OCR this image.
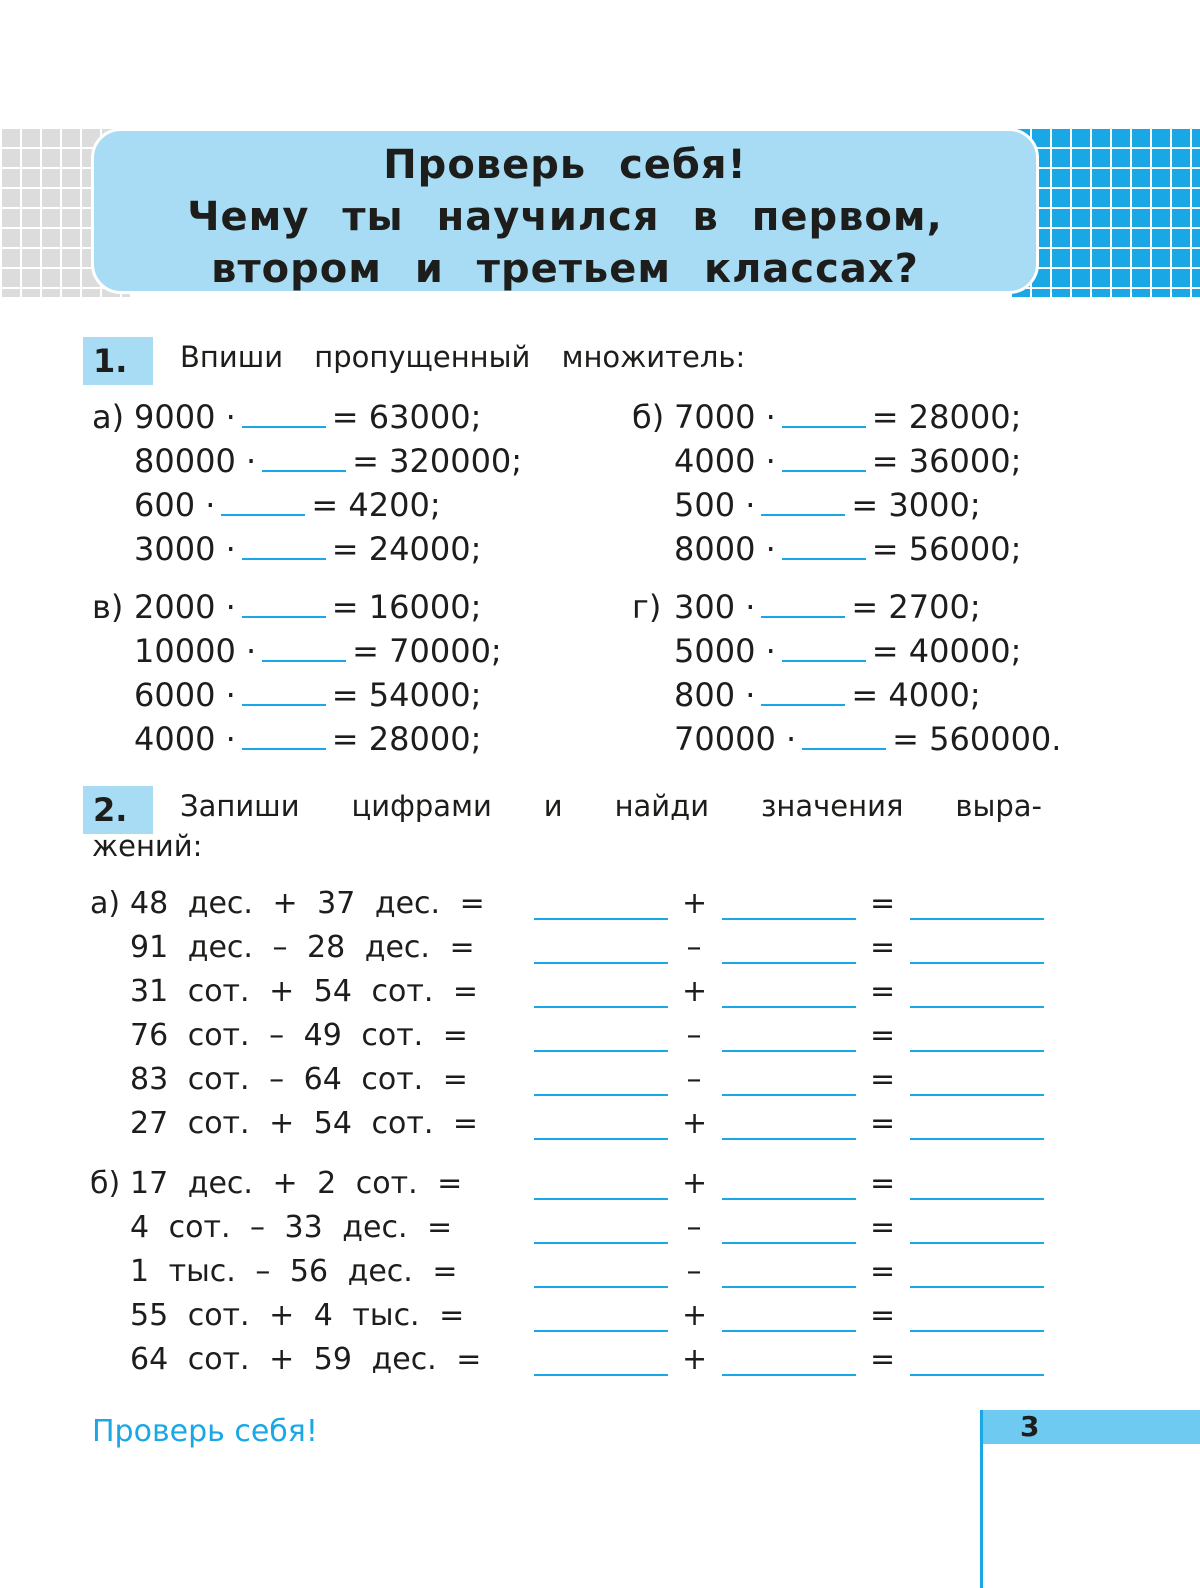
Проверь себя!
Чему ты научился в первом,
втором и третьем классах?
1.	Впиши пропущенный множитель:
а) 9000 ·	= 63000;
80000 ·	= 320000;
600 ·	= 4200;
3000 ·	= 24000;
б) 7000 ·	= 28000;
4000 ·	= 36000;
500 ·	= 3000;
8000 ·	= 56000;
в) 2000 ·	= 16000;
10000 ·	= 70000;
6000 ·	= 54000;
4000 ·	= 28000;
г) 300 ·	= 2700;
5000 ·	= 40000;
800 ·	= 4000;
70000 ·	= 560000.
2.	Запиши цифрами и найди значения выра-
жений:
а) 48 дес. + 37 дес. =	+	=
91 дес. – 28 дес. =	–	=
31 сот. + 54 сот. =	+	=
76 сот. – 49 сот. =	–	=
83 сот. – 64 сот. =	–	=
27 сот. + 54 сот. =	+	=
б) 17 дес. + 2 сот. =	+	=
4 сот. – 33 дес. =	–	=
1 тыс. – 56 дес. =	–	=
55 сот. + 4 тыс. =	+	=
64 сот. + 59 дес. =	+	=
Проверь себя!	3
